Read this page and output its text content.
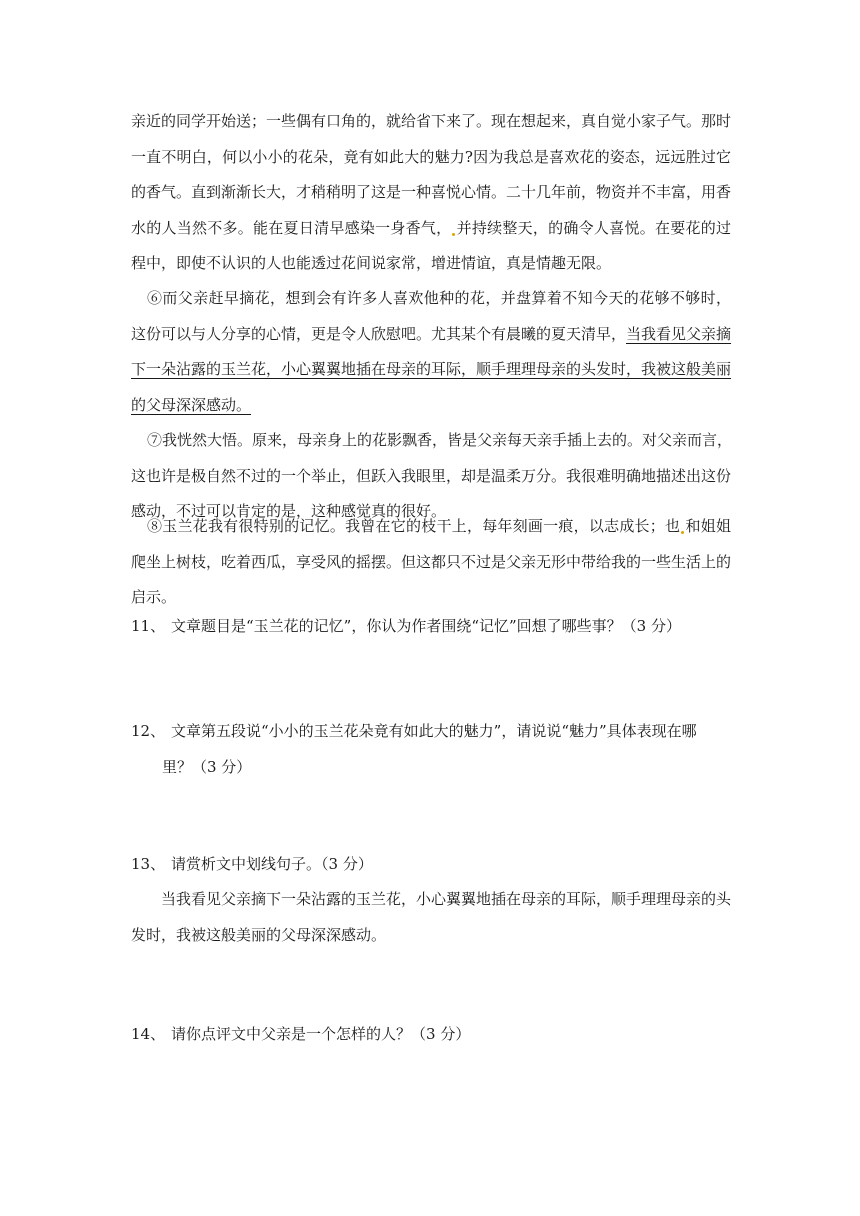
亲近的同学开始送；一些偶有口角的，就给省下来了。现在想起来，真自觉小家子气。那时
一直不明白，何以小小的花朵，竟有如此大的魅力?因为我总是喜欢花的姿态，远远胜过它
的香气。直到渐渐长大，才稍稍明了这是一种喜悦心情。二十几年前，物资并不丰富，用香
水的人当然不多。能在夏日清早感染一身香气， 并持续整天，的确令人喜悦。在要花的过
程中，即使不认识的人也能透过花间说家常，增进情谊，真是情趣无限。
⑥而父亲赶早摘花，想到会有许多人喜欢他种的花，并盘算着不知今天的花够不够时，
这份可以与人分享的心情，更是令人欣慰吧。尤其某个有晨曦的夏天清早，当我看见父亲摘
下一朵沾露的玉兰花，小心翼翼地插在母亲的耳际，顺手理理母亲的头发时，我被这般美丽
的父母深深感动。
⑦我恍然大悟。原来，母亲身上的花影飘香，皆是父亲每天亲手插上去的。对父亲而言，
这也许是极自然不过的一个举止，但跃入我眼里，却是温柔万分。我很难明确地描述出这份
感动，不过可以肯定的是，这种感觉真的很好。
⑧玉兰花我有很特别的记忆。我曾在它的枝干上，每年刻画一痕，以志成长；也 和姐姐
爬坐上树枝，吃着西瓜，享受风的摇摆。但这都只不过是父亲无形中带给我的一些生活上的
启示。
11、 文章题目是“玉兰花的记忆”，你认为作者围绕“记忆”回想了哪些事？（3 分）
12、 文章第五段说“小小的玉兰花朵竟有如此大的魅力”，请说说“魅力”具体表现在哪
里？（3 分）
13、 请赏析文中划线句子。（3 分）
当我看见父亲摘下一朵沾露的玉兰花，小心翼翼地插在母亲的耳际，顺手理理母亲的头
发时，我被这般美丽的父母深深感动。
14、 请你点评文中父亲是一个怎样的人？（3 分）
